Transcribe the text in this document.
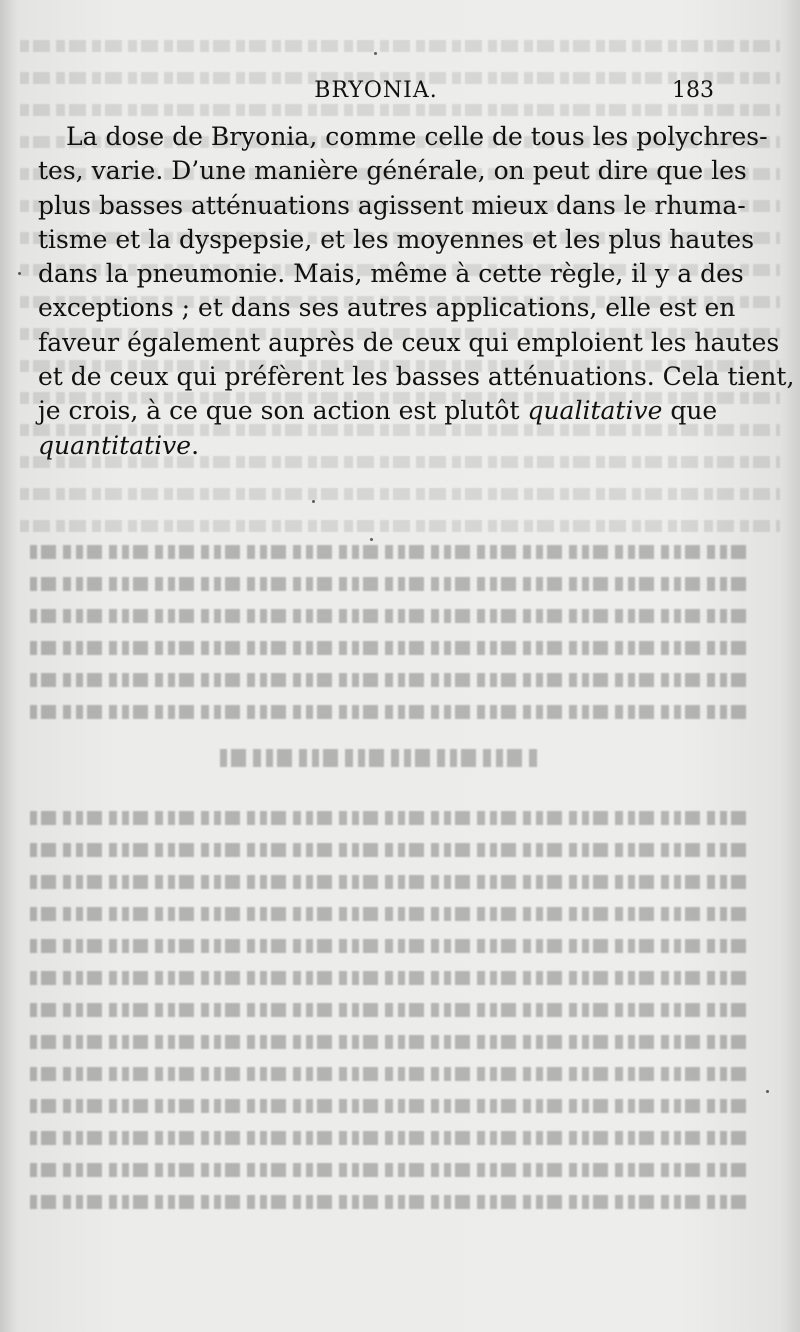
BRYONIA.	183
La dose de Bryonia, comme celle de tous les polychres-
tes, varie. D’une manière générale, on peut dire que les
plus basses atténuations agissent mieux dans le rhuma-
tisme et la dyspepsie, et les moyennes et les plus hautes
dans la pneumonie. Mais, même à cette règle, il y a des
exceptions ; et dans ses autres applications, elle est en
faveur également auprès de ceux qui emploient les hautes
et de ceux qui préfèrent les basses atténuations. Cela tient,
je crois, à ce que son action est plutôt qualitative que
quantitative.
